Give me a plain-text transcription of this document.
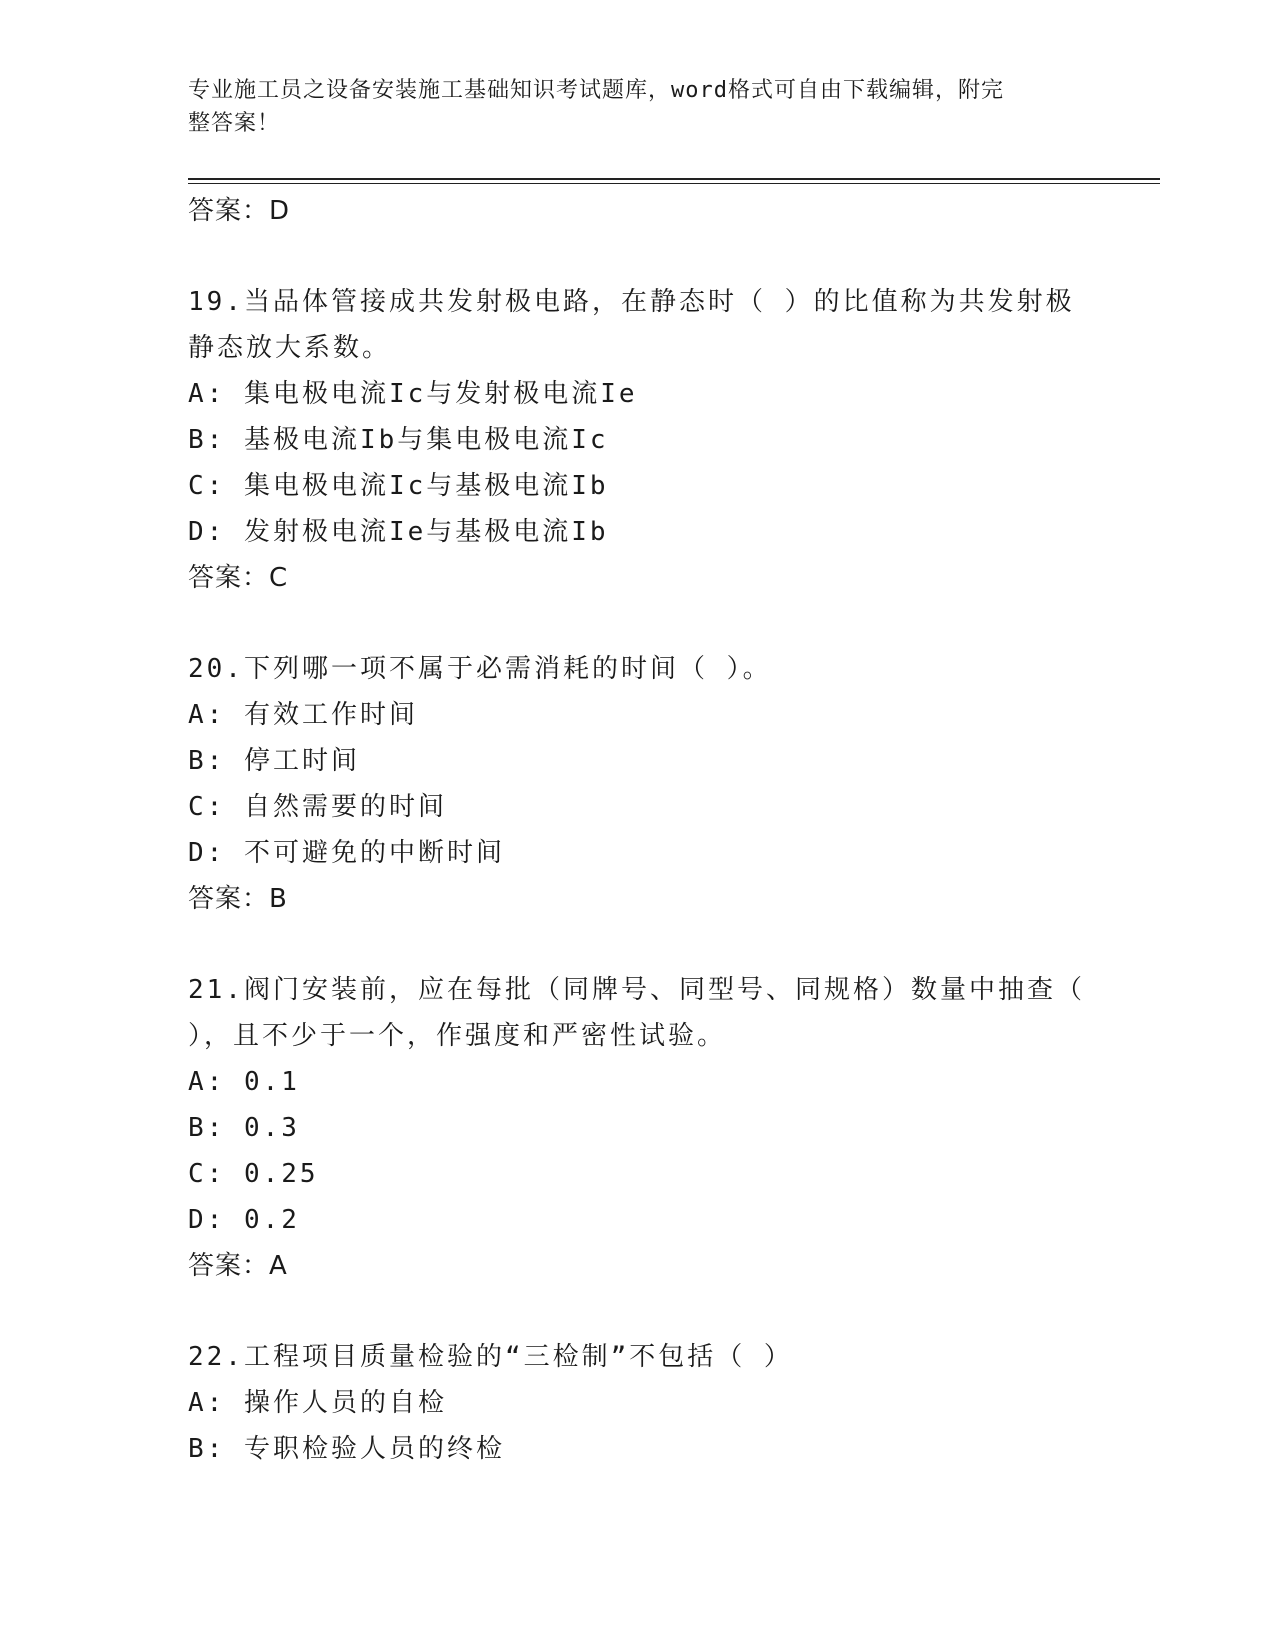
专业施工员之设备安装施工基础知识考试题库，word格式可自由下载编辑，附完
整答案！
答案：D
19.当品体管接成共发射极电路，在静态时（ ）的比值称为共发射极
静态放大系数。
A: 集电极电流Ic与发射极电流Ie
B: 基极电流Ib与集电极电流Ic
C: 集电极电流Ic与基极电流Ib
D: 发射极电流Ie与基极电流Ib
答案：C
20.下列哪一项不属于必需消耗的时间（ ）。
A: 有效工作时间
B: 停工时间
C: 自然需要的时间
D: 不可避免的中断时间
答案：B
21.阀门安装前，应在每批（同牌号、同型号、同规格）数量中抽查（
），且不少于一个，作强度和严密性试验。
A: 0.1
B: 0.3
C: 0.25
D: 0.2
答案：A
22.工程项目质量检验的“三检制”不包括（ ）
A: 操作人员的自检
B: 专职检验人员的终检
